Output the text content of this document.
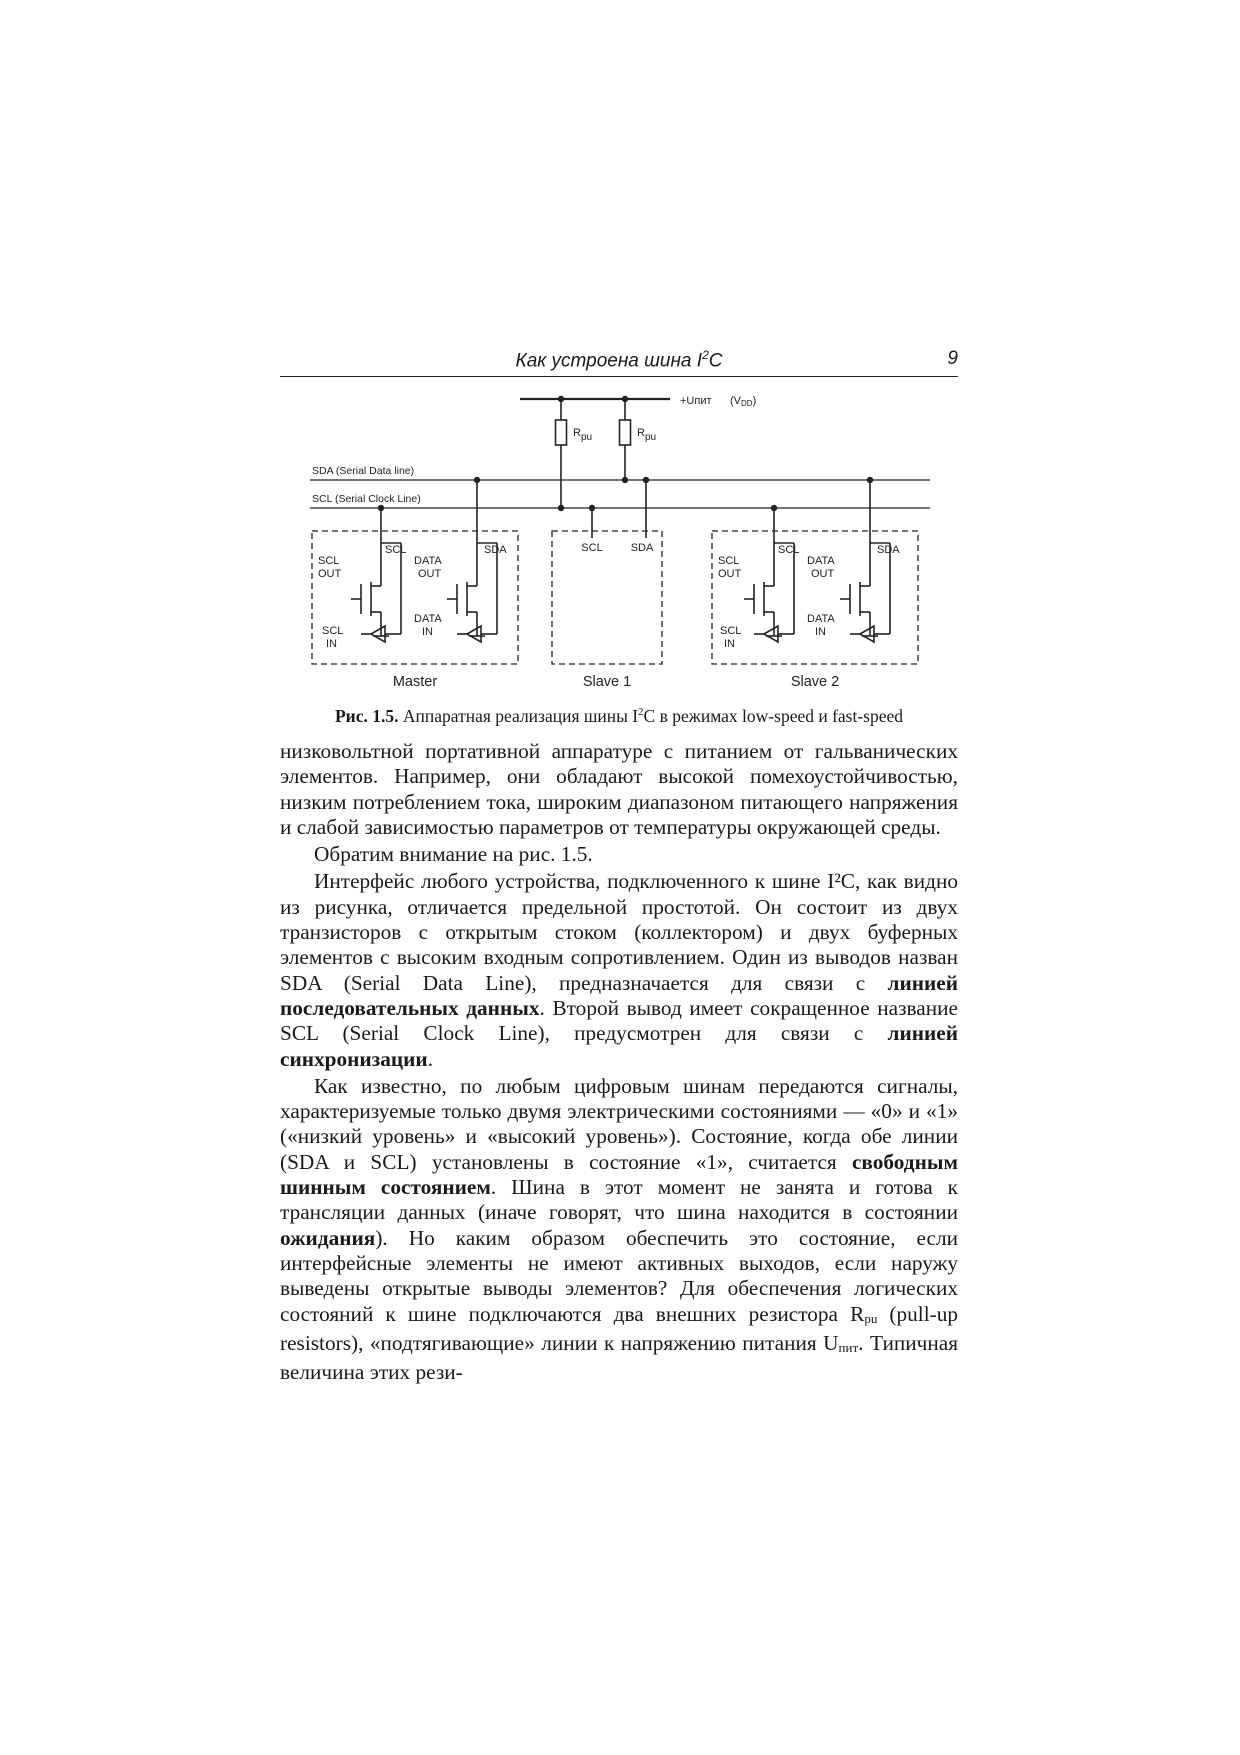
Как устроена шина $I^2C$	9
+Uпит (VDD)
Rpu	Rpu
SDA (Serial Data line)
SCL (Serial Clock Line)
SCL OUT
SCL
DATA OUT
SDA
SCL IN
DATA IN
Master
SCL	SDA
Slave 1
SCL OUT
SCL
DATA OUT
SDA
SCL IN
DATA IN
Slave 2
Рис. 1.5. Аппаратная реализация шины $I^2C$ в режимах low-speed и fast-speed

низковольтной портативной аппаратуре с питанием от гальванических элементов. Например, они обладают высокой помехоустойчивостью, низким потреблением тока, широким диапазоном питающего напряжения и слабой зависимостью параметров от температуры окружающей среды.

Обратим внимание на рис. 1.5.

Интерфейс любого устройства, подключенного к шине I²C, как видно из рисунка, отличается предельной простотой. Он состоит из двух транзисторов с открытым стоком (коллектором) и двух буферных элементов с высоким входным сопротивлением. Один из выводов назван SDA (Serial Data Line), предназначается для связи с линией последовательных данных. Второй вывод имеет сокращенное название SCL (Serial Clock Line), предусмотрен для связи с линией синхронизации.

Как известно, по любым цифровым шинам передаются сигналы, характеризуемые только двумя электрическими состояниями — «0» и «1» («низкий уровень» и «высокий уровень»). Состояние, когда обе линии (SDA и SCL) установлены в состояние «1», считается свободным шинным состоянием. Шина в этот момент не занята и готова к трансляции данных (иначе говорят, что шина находится в состоянии ожидания). Но каким образом обеспечить это состояние, если интерфейсные элементы не имеют активных выходов, если наружу выведены открытые выводы элементов? Для обеспечения логических состояний к шине подключаются два внешних резистора Rpu (pull-up resistors), «подтягивающие» линии к напряжению питания Uпит. Типичная величина этих рези-
